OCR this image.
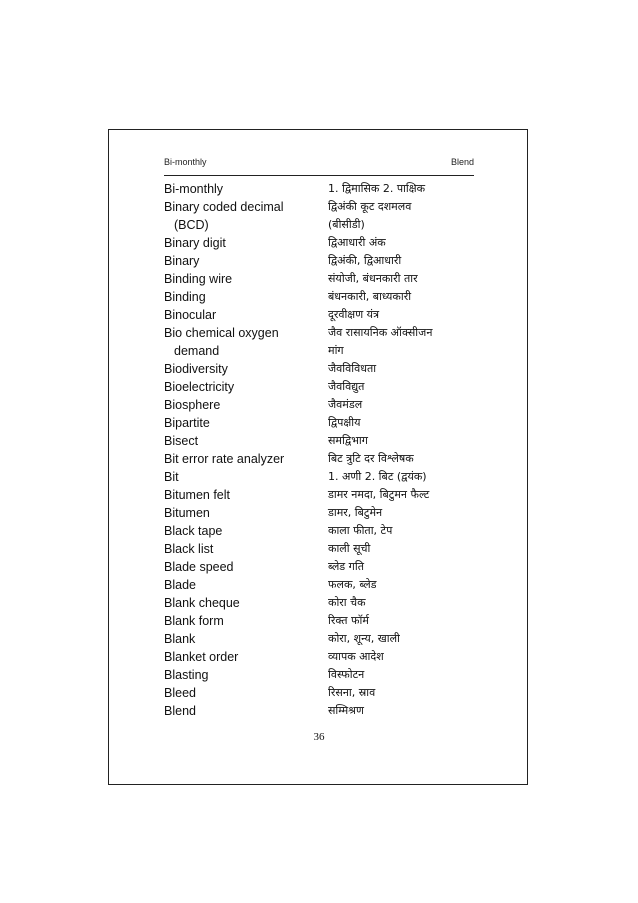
Bi-monthly	Blend
Bi-monthly	1. द्विमासिक 2. पाक्षिक
Binary coded decimal	द्विअंकी कूट दशमलव
(BCD)	(बीसीडी)
Binary digit	द्विआधारी अंक
Binary	द्विअंकी, द्विआधारी
Binding wire	संयोजी, बंधनकारी तार
Binding	बंधनकारी, बाध्यकारी
Binocular	दूरवीक्षण यंत्र
Bio chemical oxygen	जैव रासायनिक ऑक्सीजन
demand	मांग
Biodiversity	जैवविविधता
Bioelectricity	जैवविद्युत
Biosphere	जैवमंडल
Bipartite	द्विपक्षीय
Bisect	समद्विभाग
Bit error rate analyzer	बिट त्रुटि दर विश्लेषक
Bit	1. अणी 2. बिट (द्वयंक)
Bitumen felt	डामर नमदा, बिटुमन फैल्ट
Bitumen	डामर, बिटुमेन
Black tape	काला फीता, टेप
Black list	काली सूची
Blade speed	ब्लेड गति
Blade	फलक, ब्लेड
Blank cheque	कोरा चैक
Blank form	रिक्त फॉर्म
Blank	कोरा, शून्य, खाली
Blanket order	व्यापक आदेश
Blasting	विस्फोटन
Bleed	रिसना, स्राव
Blend	सम्मिश्रण
36
